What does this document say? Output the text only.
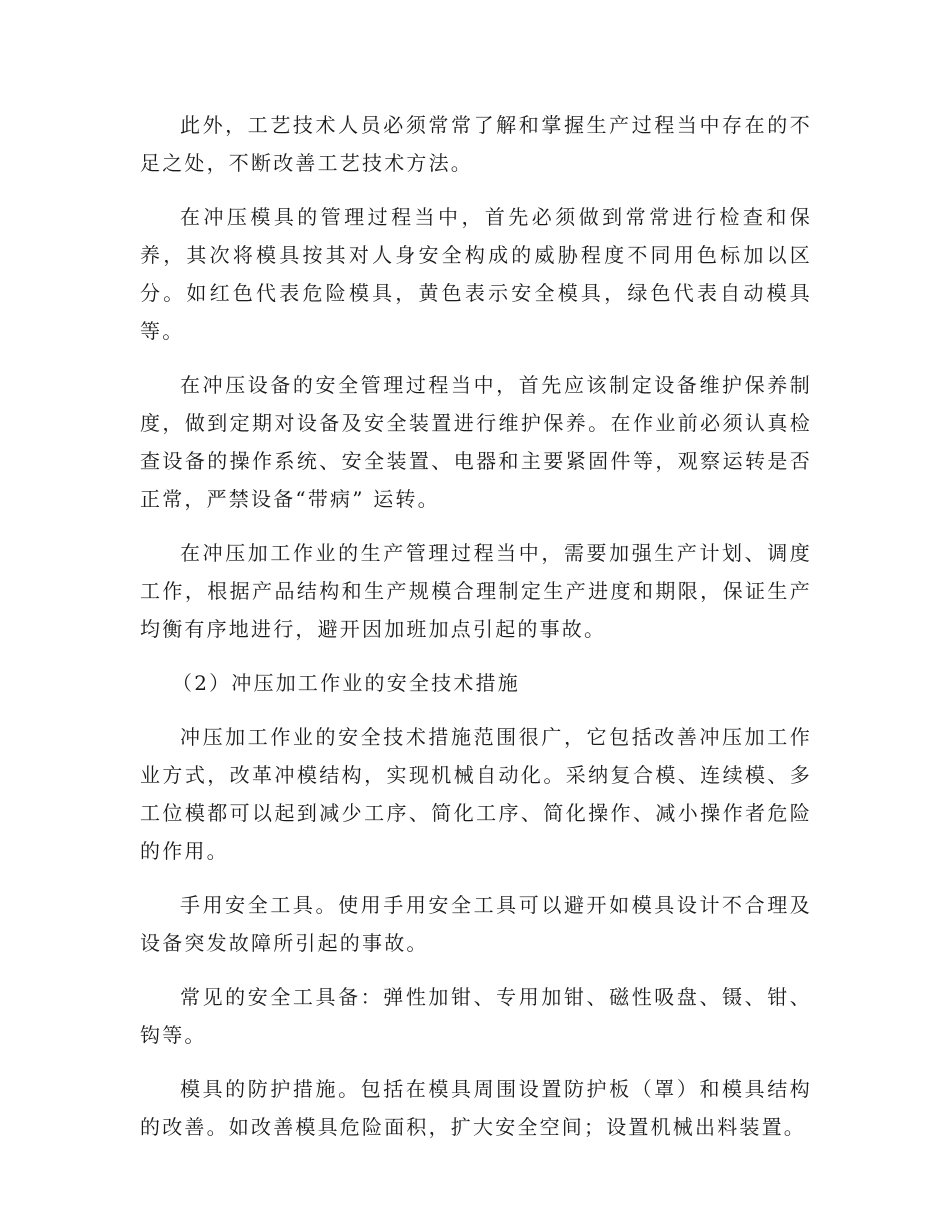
此外，工艺技术人员必须常常了解和掌握生产过程当中存在的不足之处，不断改善工艺技术方法。

在冲压模具的管理过程当中，首先必须做到常常进行检查和保养，其次将模具按其对人身安全构成的威胁程度不同用色标加以区分。如红色代表危险模具，黄色表示安全模具，绿色代表自动模具等。

在冲压设备的安全管理过程当中，首先应该制定设备维护保养制度，做到定期对设备及安全装置进行维护保养。在作业前必须认真检查设备的操作系统、安全装置、电器和主要紧固件等，观察运转是否正常，严禁设备“带病” 运转。

在冲压加工作业的生产管理过程当中，需要加强生产计划、调度工作，根据产品结构和生产规模合理制定生产进度和期限，保证生产均衡有序地进行，避开因加班加点引起的事故。

（2）冲压加工作业的安全技术措施

冲压加工作业的安全技术措施范围很广，它包括改善冲压加工作业方式，改革冲模结构，实现机械自动化。采纳复合模、连续模、多工位模都可以起到减少工序、简化工序、简化操作、减小操作者危险的作用。

手用安全工具。使用手用安全工具可以避开如模具设计不合理及设备突发故障所引起的事故。

常见的安全工具备：弹性加钳、专用加钳、磁性吸盘、镊、钳、钩等。

模具的防护措施。包括在模具周围设置防护板（罩）和模具结构的改善。如改善模具危险面积，扩大安全空间；设置机械出料装置。
